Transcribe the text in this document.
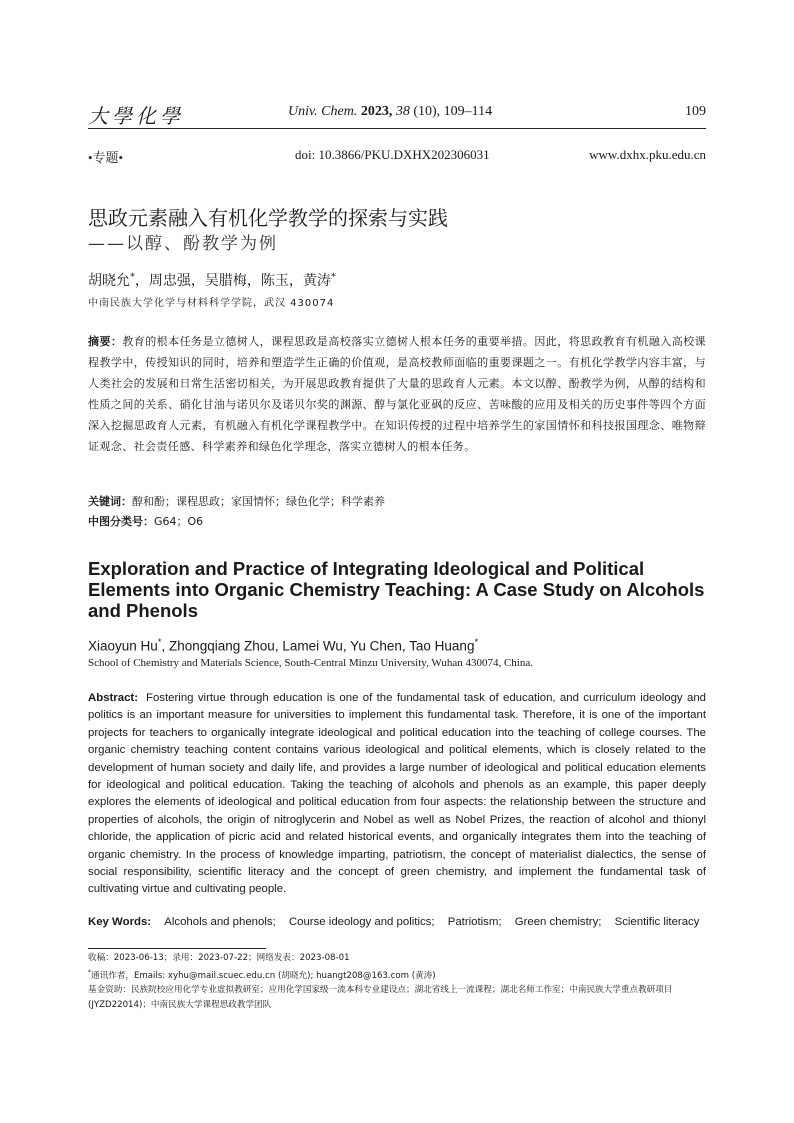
大學化學	Univ. Chem. 2023, 38 (10), 109–114	109
•专题•	doi: 10.3866/PKU.DXHX202306031	www.dxhx.pku.edu.cn
思政元素融入有机化学教学的探索与实践
——以醇、酚教学为例
胡晓允*，周忠强，吴腊梅，陈玉，黄涛*
中南民族大学化学与材料科学学院，武汉 430074
摘要：教育的根本任务是立德树人，课程思政是高校落实立德树人根本任务的重要举措。因此，将思政教育有机融入高校课程教学中，传授知识的同时，培养和塑造学生正确的价值观，是高校教师面临的重要课题之一。有机化学教学内容丰富，与人类社会的发展和日常生活密切相关，为开展思政教育提供了大量的思政育人元素。本文以醇、酚教学为例，从醇的结构和性质之间的关系、硝化甘油与诺贝尔及诺贝尔奖的渊源、醇与氯化亚砜的反应、苦味酸的应用及相关的历史事件等四个方面深入挖掘思政育人元素，有机融入有机化学课程教学中。在知识传授的过程中培养学生的家国情怀和科技报国理念、唯物辩证观念、社会责任感、科学素养和绿色化学理念，落实立德树人的根本任务。
关键词：醇和酚；课程思政；家国情怀；绿色化学；科学素养
中图分类号：G64；O6
Exploration and Practice of Integrating Ideological and Political Elements into Organic Chemistry Teaching: A Case Study on Alcohols and Phenols
Xiaoyun Hu*, Zhongqiang Zhou, Lamei Wu, Yu Chen, Tao Huang*
School of Chemistry and Materials Science, South-Central Minzu University, Wuhan 430074, China.
Abstract: Fostering virtue through education is one of the fundamental task of education, and curriculum ideology and politics is an important measure for universities to implement this fundamental task. Therefore, it is one of the important projects for teachers to organically integrate ideological and political education into the teaching of college courses. The organic chemistry teaching content contains various ideological and political elements, which is closely related to the development of human society and daily life, and provides a large number of ideological and political education elements for ideological and political education. Taking the teaching of alcohols and phenols as an example, this paper deeply explores the elements of ideological and political education from four aspects: the relationship between the structure and properties of alcohols, the origin of nitroglycerin and Nobel as well as Nobel Prizes, the reaction of alcohol and thionyl chloride, the application of picric acid and related historical events, and organically integrates them into the teaching of organic chemistry. In the process of knowledge imparting, patriotism, the concept of materialist dialectics, the sense of social responsibility, scientific literacy and the concept of green chemistry, and implement the fundamental task of cultivating virtue and cultivating people.
Key Words: Alcohols and phenols; Course ideology and politics; Patriotism; Green chemistry; Scientific literacy
收稿：2023-06-13；录用：2023-07-22；网络发表：2023-08-01
*通讯作者，Emails: xyhu@mail.scuec.edu.cn (胡晓允); huangt208@163.com (黄涛)
基金资助：民族院校应用化学专业虚拟教研室；应用化学国家级一流本科专业建设点；湖北省线上一流课程；湖北名师工作室；中南民族大学重点教研项目(JYZD22014)；中南民族大学课程思政教学团队
